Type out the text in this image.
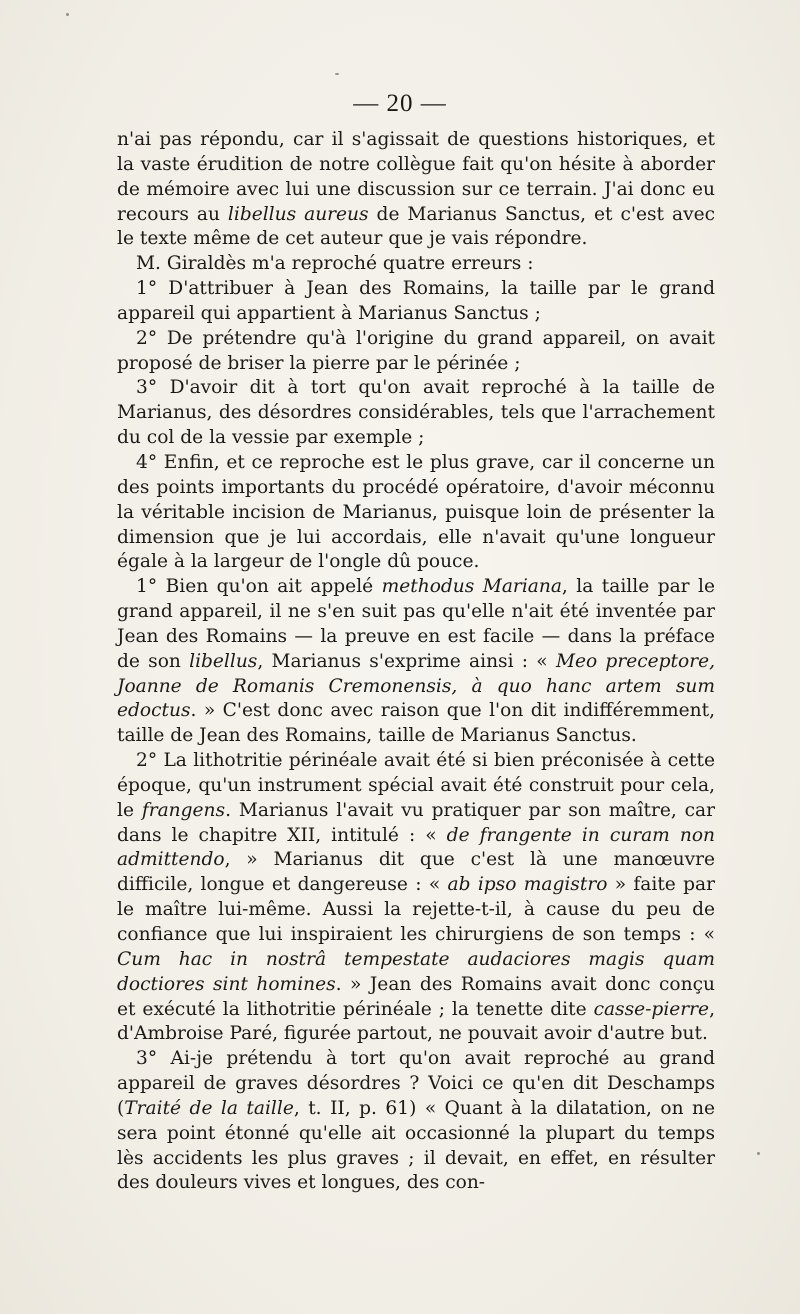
— 20 —

n'ai pas répondu, car il s'agissait de questions historiques, et la vaste érudition de notre collègue fait qu'on hésite à aborder de mémoire avec lui une discussion sur ce terrain. J'ai donc eu recours au libellus aureus de Marianus Sanctus, et c'est avec le texte même de cet auteur que je vais répondre.

M. Giraldès m'a reproché quatre erreurs :

1° D'attribuer à Jean des Romains, la taille par le grand appareil qui appartient à Marianus Sanctus ;

2° De prétendre qu'à l'origine du grand appareil, on avait proposé de briser la pierre par le périnée ;

3° D'avoir dit à tort qu'on avait reproché à la taille de Marianus, des désordres considérables, tels que l'arrachement du col de la vessie par exemple ;

4° Enfin, et ce reproche est le plus grave, car il concerne un des points importants du procédé opératoire, d'avoir méconnu la véritable incision de Marianus, puisque loin de présenter la dimension que je lui accordais, elle n'avait qu'une longueur égale à la largeur de l'ongle dû pouce.

1° Bien qu'on ait appelé methodus Mariana, la taille par le grand appareil, il ne s'en suit pas qu'elle n'ait été inventée par Jean des Romains — la preuve en est facile — dans la préface de son libellus, Marianus s'exprime ainsi : « Meo preceptore, Joanne de Romanis Cremonensis, à quo hanc artem sum edoctus. » C'est donc avec raison que l'on dit indifféremment, taille de Jean des Romains, taille de Marianus Sanctus.

2° La lithotritie périnéale avait été si bien préconisée à cette époque, qu'un instrument spécial avait été construit pour cela, le frangens. Marianus l'avait vu pratiquer par son maître, car dans le chapitre XII, intitulé : « de frangente in curam non admittendo, » Marianus dit que c'est là une manœuvre difficile, longue et dangereuse : « ab ipso magistro » faite par le maître lui-même. Aussi la rejette-t-il, à cause du peu de confiance que lui inspiraient les chirurgiens de son temps : « Cum hac in nostrâ tempestate audaciores magis quam doctiores sint homines. » Jean des Romains avait donc conçu et exécuté la lithotritie périnéale ; la tenette dite casse-pierre, d'Ambroise Paré, figurée partout, ne pouvait avoir d'autre but.

3° Ai-je prétendu à tort qu'on avait reproché au grand appareil de graves désordres ? Voici ce qu'en dit Deschamps (Traité de la taille, t. II, p. 61) « Quant à la dilatation, on ne sera point étonné qu'elle ait occasionné la plupart du temps lès accidents les plus graves ; il devait, en effet, en résulter des douleurs vives et longues, des con-
